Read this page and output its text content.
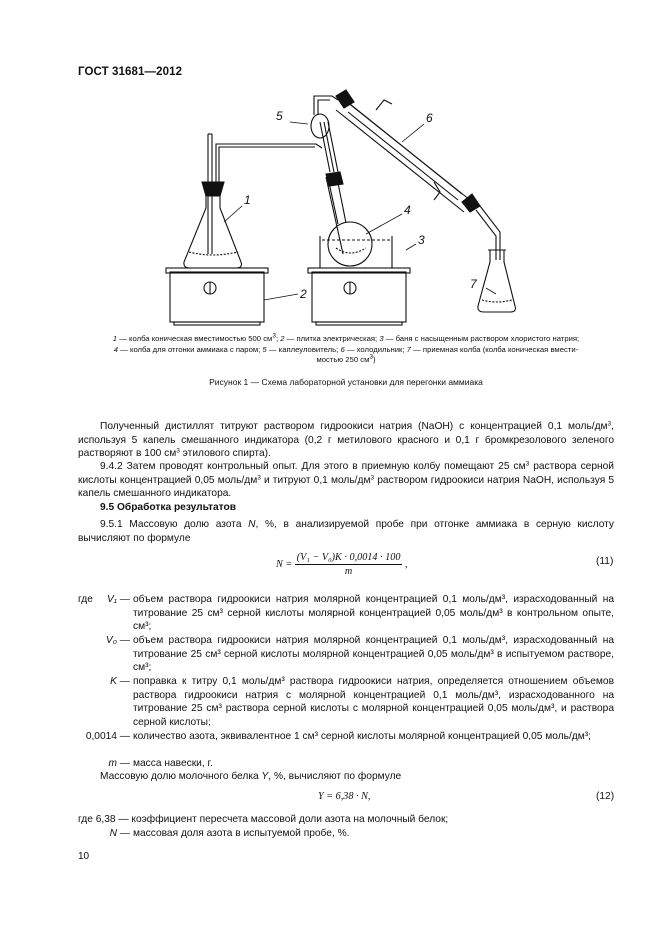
ГОСТ 31681—2012
1
2
3
4
5	6
7
1 — колба коническая вместимостью 500 $см^3$; 2 — плитка электрическая; 3 — баня с насыщенным раствором хлористого натрия;
4 — колба для отгонки аммиака с паром; 5 — каплеуловитель; 6 — холодильник; 7 — приемная колба (колба коническая вмести-
мостью 250 $см^3$)
Рисунок 1 — Схема лабораторной установки для перегонки аммиака
Полученный дистиллят титруют раствором гидроокиси натрия (NaOH) с концентрацией 0,1 моль/$дм^3$, используя 5 капель смешанного индикатора (0,2 г метилового красного и 0,1 г бромкрезолового зеленого растворяют в 100 $см^3$ этилового спирта).
9.4.2 Затем проводят контрольный опыт. Для этого в приемную колбу помещают 25 $см^3$ раствора серной кислоты концентрацией 0,05 моль/$дм^3$ и титруют 0,1 моль/$дм^3$ раствором гидроокиси натрия NaOH, используя 5 капель смешанного индикатора.
9.5 Обработка результатов
9.5.1 Массовую долю азота N, %, в анализируемой пробе при отгонке аммиака в серную кислоту вычисляют по формуле
$N = \frac{\text{(V₁ − V₀)K · 0,0014 · 100}}{m}$ ,	(11)
где	V₁ — объем раствора гидроокиси натрия молярной концентрацией 0,1 моль/дм³, израсходованный на титрование 25 см³ серной кислоты молярной концентрацией 0,05 моль/дм³ в контрольном опыте, см³;
V₀ — объем раствора гидроокиси натрия молярной концентрацией 0,1 моль/дм³, израсходованный на титрование 25 см³ серной кислоты молярной концентрацией 0,05 моль/дм³ в испытуемом растворе, см³;
K — поправка к титру 0,1 моль/дм³ раствора гидроокиси натрия, определяется отношением объемов раствора гидроокиси натрия с молярной концентрацией 0,1 моль/дм³, израсходованного на титрование 25 см³ раствора серной кислоты с молярной концентрацией 0,05 моль/дм³, и раствора серной кислоты;
0,0014 — количество азота, эквивалентное 1 см³ серной кислоты молярной концентрацией 0,05 моль/дм³;
m — масса навески, г.
Массовую долю молочного белка Y, %, вычисляют по формуле
Y = 6,38 · N,	(12)
где 6,38 — коэффициент пересчета массовой доли азота на молочный белок;
N — массовая доля азота в испытуемой пробе, %.
10
